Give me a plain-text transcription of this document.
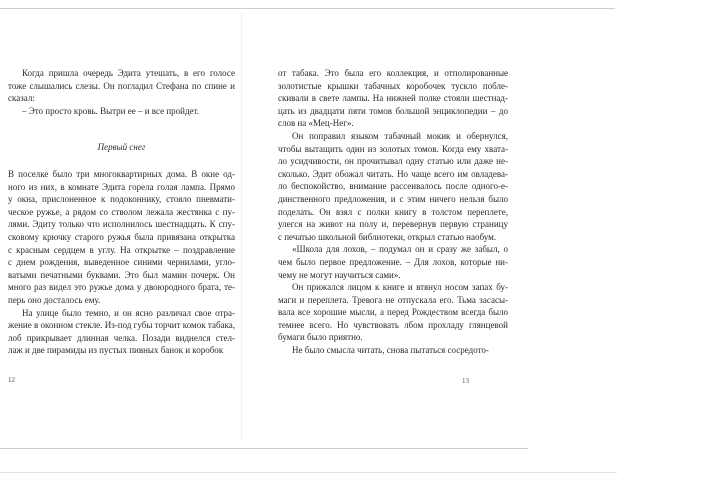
Когда пришла очередь Эдита утешать, в его голосе
тоже слышались слезы. Он погладил Стефана по спине и
сказал:
– Это просто кровь. Вытри ее – и все пройдет.
Первый снег
В поселке было три многоквартирных дома. В окне од-
ного из них, в комнате Эдита горела голая лампа. Прямо
у окна, прислоненное к подоконнику, стояло пневмати-
ческое ружье, а рядом со стволом лежала жестянка с пу-
лями. Эдиту только что исполнилось шестнадцать. К спу-
сковому крючку старого ружья была привязана открытка
с красным сердцем в углу. На открытке – поздравление
с днем рождения, выведенное синими чернилами, угло-
ватыми печатными буквами. Это был мамин почерк. Он
много раз видел это ружье дома у двоюродного брата, те-
перь оно досталось ему.
На улице было темно, и он ясно различал свое отра-
жение в оконном стекле. Из-под губы торчит комок табака,
лоб прикрывает длинная челка. Позади виднелся стел-
лаж и две пирамиды из пустых пивных банок и коробок
12
от табака. Это была его коллекция, и отполированные
золотистые крышки табачных коробочек тускло побле-
скивали в свете лампы. На нижней полке стояли шестнад-
цать из двадцати пяти томов большой энциклопедии – до
слов на «Мец-Нег».
Он поправил языком табачный мокик и обернулся,
чтобы вытащить один из золотых томов. Когда ему хвата-
ло усидчивости, он прочитывал одну статью или даже не-
сколько. Эдит обожал читать. Но чаще всего им овладева-
ло беспокойство, внимание рассеивалось после одного-е-
динственного предложения, и с этим ничего нельзя было
поделать. Он взял с полки книгу в толстом переплете,
улегся на живот на полу и, перевернув первую страницу
с печатью школьной библиотеки, открыл статью наобум.
«Школа для лохов, – подумал он и сразу же забыл, о
чем было первое предложение. – Для лохов, которые ни-
чему не могут научиться сами».
Он прижался лицом к книге и втянул носом запах бу-
маги и переплета. Тревога не отпускала его. Тьма засасы-
вала все хорошие мысли, а перед Рождеством всегда было
темнее всего. Но чувствовать лбом прохладу глянцевой
бумаги было приятно.
Не было смысла читать, снова пытаться сосредото-
13
